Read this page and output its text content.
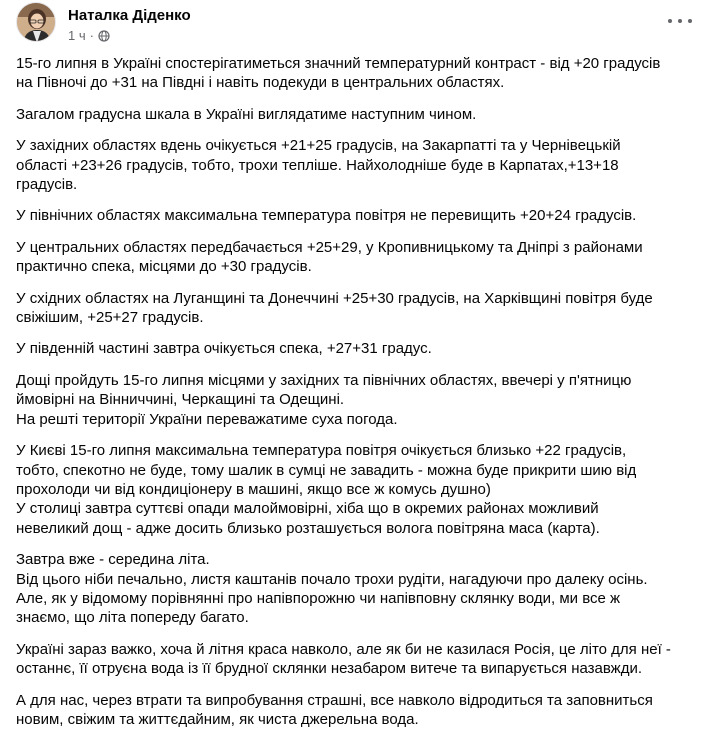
Наталка Діденко
1 ч ·

15-го липня в Україні спостерігатиметься значний температурний контраст - від +20 градусів
на Півночі до +31 на Півдні і навіть подекуди в центральних областях.

Загалом градусна шкала в Україні виглядатиме наступним чином.

У західних областях вдень очікується +21+25 градусів, на Закарпатті та у Чернівецькій
області +23+26 градусів, тобто, трохи тепліше. Найхолодніше буде в Карпатах,+13+18
градусів.

У північних областях максимальна температура повітря не перевищить +20+24 градусів.

У центральних областях передбачається +25+29, у Кропивницькому та Дніпрі з районами
практично спека, місцями до +30 градусів.

У східних областях на Луганщині та Донеччині +25+30 градусів, на Харківщині повітря буде
свіжішим, +25+27 градусів.

У південній частині завтра очікується спека, +27+31 градус.

Дощі пройдуть 15-го липня місцями у західних та північних областях, ввечері у п'ятницю
ймовірні на Вінниччині, Черкащині та Одещині.
На решті території України переважатиме суха погода.

У Києві 15-го липня максимальна температура повітря очікується близько +22 градусів,
тобто, спекотно не буде, тому шалик в сумці не завадить - можна буде прикрити шию від
прохолоди чи від кондиціонеру в машині, якщо все ж комусь душно)
У столиці завтра суттєві опади малоймовірні, хіба що в окремих районах можливий
невеликий дощ - адже досить близько розташується волога повітряна маса (карта).

Завтра вже - середина літа.
Від цього ніби печально, листя каштанів почало трохи рудіти, нагадуючи про далеку осінь.
Але, як у відомому порівнянні про напівпорожню чи напівповну склянку води, ми все ж
знаємо, що літа попереду багато.

Україні зараз важко, хоча й літня краса навколо, але як би не казилася Росія, це літо для неї -
останнє, її отруєна вода із її брудної склянки незабаром витече та випарується назавжди.

А для нас, через втрати та випробування страшні, все навколо відродиться та заповниться
новим, свіжим та життєдайним, як чиста джерельна вода.
